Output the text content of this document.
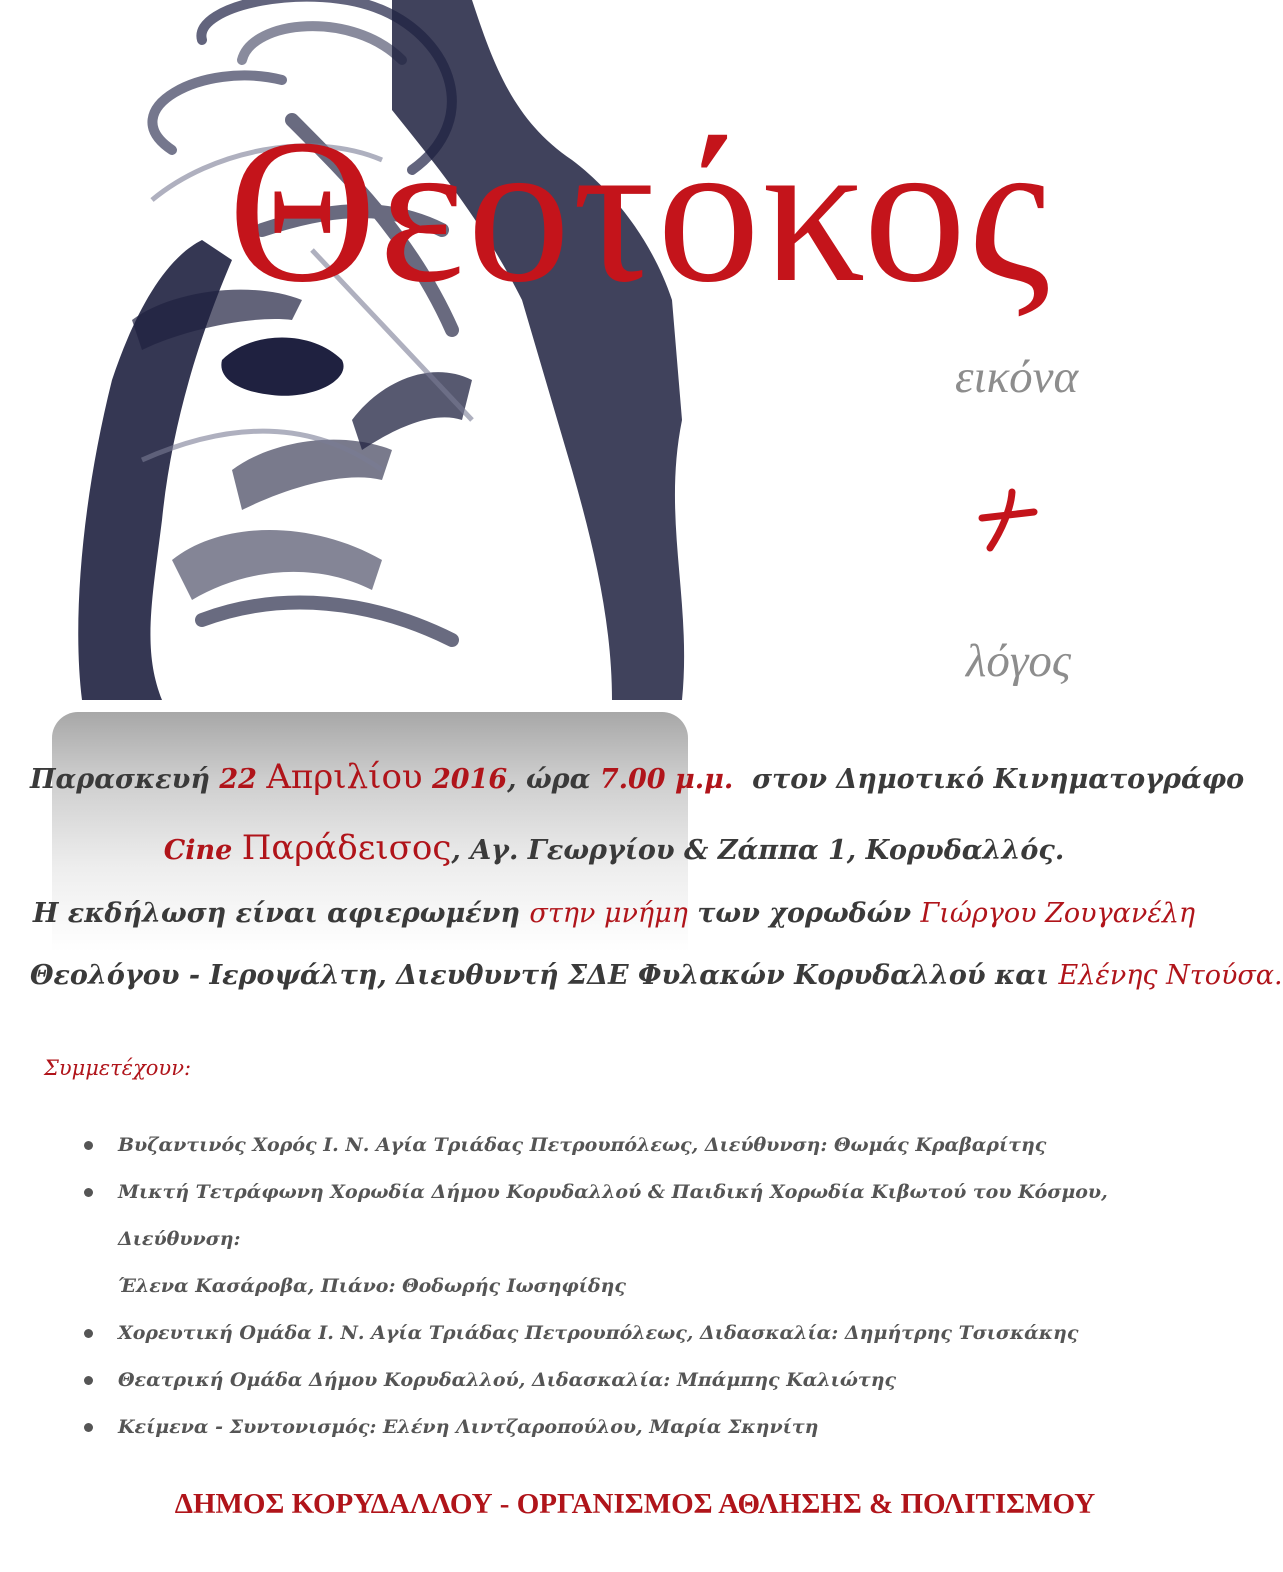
Θεοτόκος
εικόνα
λόγος
Παρασκευή 22 Απριλίου 2016, ώρα 7.00 μ.μ. στον Δημοτικό Κινηματογράφο
Cine Παράδεισος, Αγ. Γεωργίου & Ζάππα 1, Κορυδαλλός.
Η εκδήλωση είναι αφιερωμένη στην μνήμη των χορωδών Γιώργου Ζουγανέλη
Θεολόγου - Ιεροψάλτη, Διευθυντή ΣΔΕ Φυλακών Κορυδαλλού και Ελένης Ντούσα.
Συμμετέχουν:
Βυζαντινός Χορός Ι. Ν. Αγία Τριάδας Πετρουπόλεως, Διεύθυνση: Θωμάς Κραβαρίτης
Μικτή Τετράφωνη Χορωδία Δήμου Κορυδαλλού & Παιδική Χορωδία Κιβωτού του Κόσμου, Διεύθυνση:
Έλενα Κασάροβα, Πιάνο: Θοδωρής Ιωσηφίδης
Χορευτική Ομάδα Ι. Ν. Αγία Τριάδας Πετρουπόλεως, Διδασκαλία: Δημήτρης Τσισκάκης
Θεατρική Ομάδα Δήμου Κορυδαλλού, Διδασκαλία: Μπάμπης Καλιώτης
Κείμενα - Συντονισμός: Ελένη Λιντζαροπούλου, Μαρία Σκηνίτη
ΔΗΜΟΣ ΚΟΡΥΔΑΛΛΟΥ - ΟΡΓΑΝΙΣΜΟΣ ΑΘΛΗΣΗΣ & ΠΟΛΙΤΙΣΜΟΥ
